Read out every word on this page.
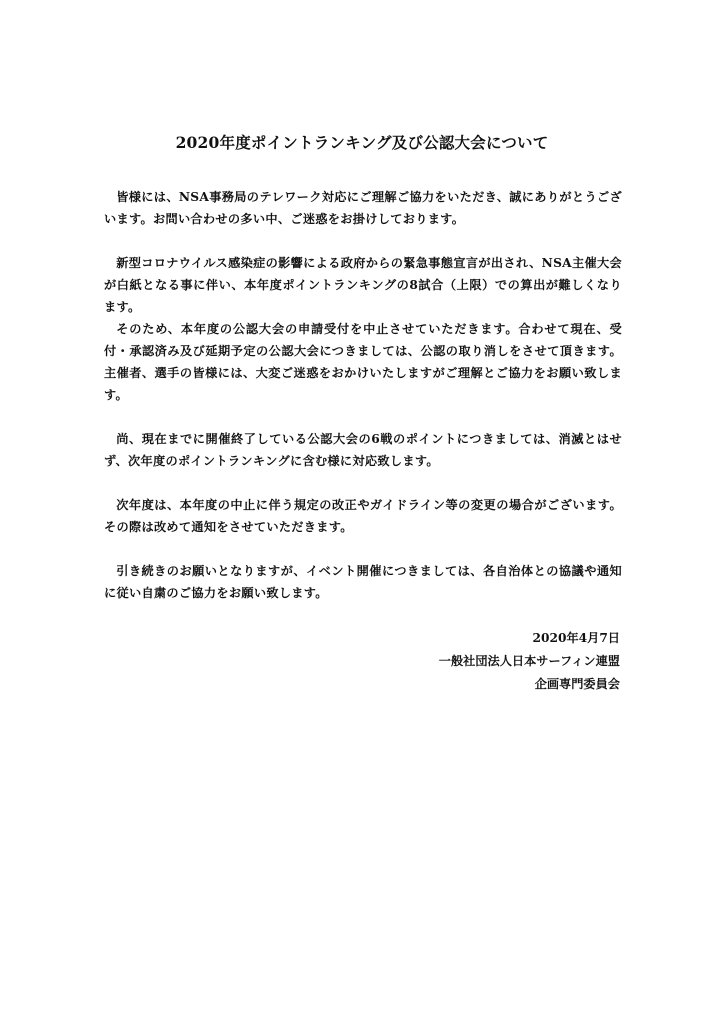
2020年度ポイントランキング及び公認大会について

皆様には、NSA事務局のテレワーク対応にご理解ご協力をいただき、誠にありがとうございます。お問い合わせの多い中、ご迷惑をお掛けしております。

新型コロナウイルス感染症の影響による政府からの緊急事態宣言が出され、NSA主催大会が白紙となる事に伴い、本年度ポイントランキングの8試合（上限）での算出が難しくなります。

そのため、本年度の公認大会の申請受付を中止させていただきます。合わせて現在、受付・承認済み及び延期予定の公認大会につきましては、公認の取り消しをさせて頂きます。主催者、選手の皆様には、大変ご迷惑をおかけいたしますがご理解とご協力をお願い致します。

尚、現在までに開催終了している公認大会の6戦のポイントにつきましては、消滅とはせず、次年度のポイントランキングに含む様に対応致します。

次年度は、本年度の中止に伴う規定の改正やガイドライン等の変更の場合がございます。その際は改めて通知をさせていただきます。

引き続きのお願いとなりますが、イベント開催につきましては、各自治体との協議や通知に従い自粛のご協力をお願い致します。

2020年4月7日
一般社団法人日本サーフィン連盟
企画専門委員会
